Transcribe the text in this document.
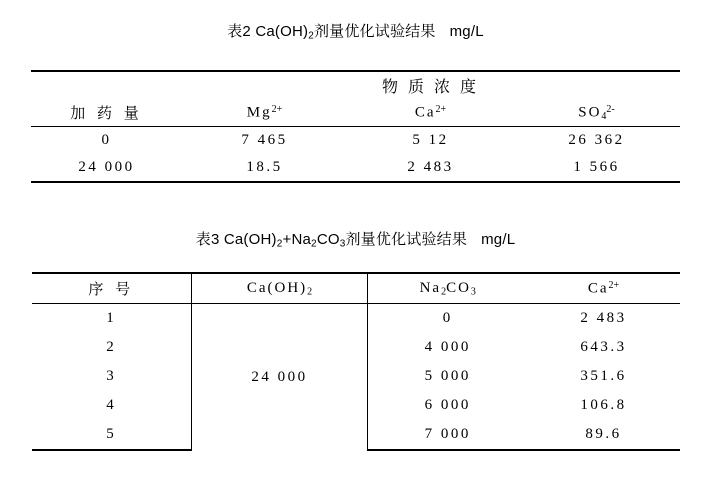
表2 $Ca(OH)_2$剂量优化试验结果 mg/L
	物 质 浓 度		
加 药 量	$Mg^{2+}$	$Ca^{2+}$	$SO_4^{2-}$
0	7 465	5 12	26 362
24 000	18.5	2 483	1 566
表3 $Ca(OH)_2+Na_2CO_3$剂量优化试验结果 mg/L
序 号	$Ca(OH)_2$	$Na_2CO_3$	$Ca^{2+}$
1	24 000	0	2 483
2		4 000	643.3
3		5 000	351.6
4		6 000	106.8
5		7 000	89.6
